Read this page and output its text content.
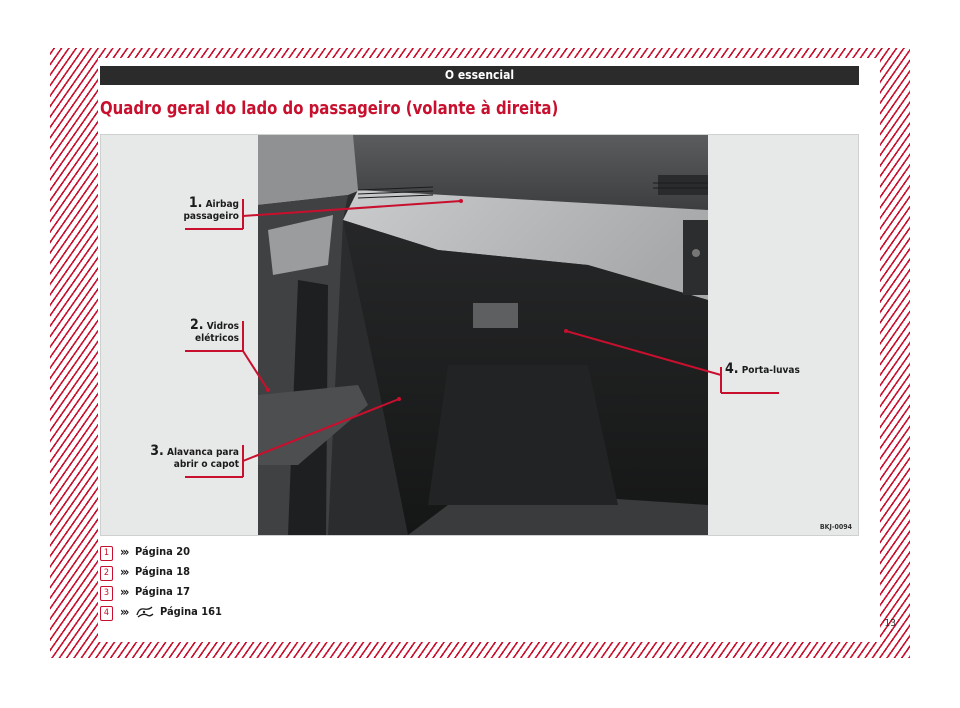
O essencial
Quadro geral do lado do passageiro (volante à direita)
1. Airbag
passageiro
2. Vidros
elétricos
3. Alavanca para
abrir o capot
4. Porta-luvas
BKJ-0094
1 ››› Página 20
2 ››› Página 18
3 ››› Página 17
4 ›››	Página 161
13
